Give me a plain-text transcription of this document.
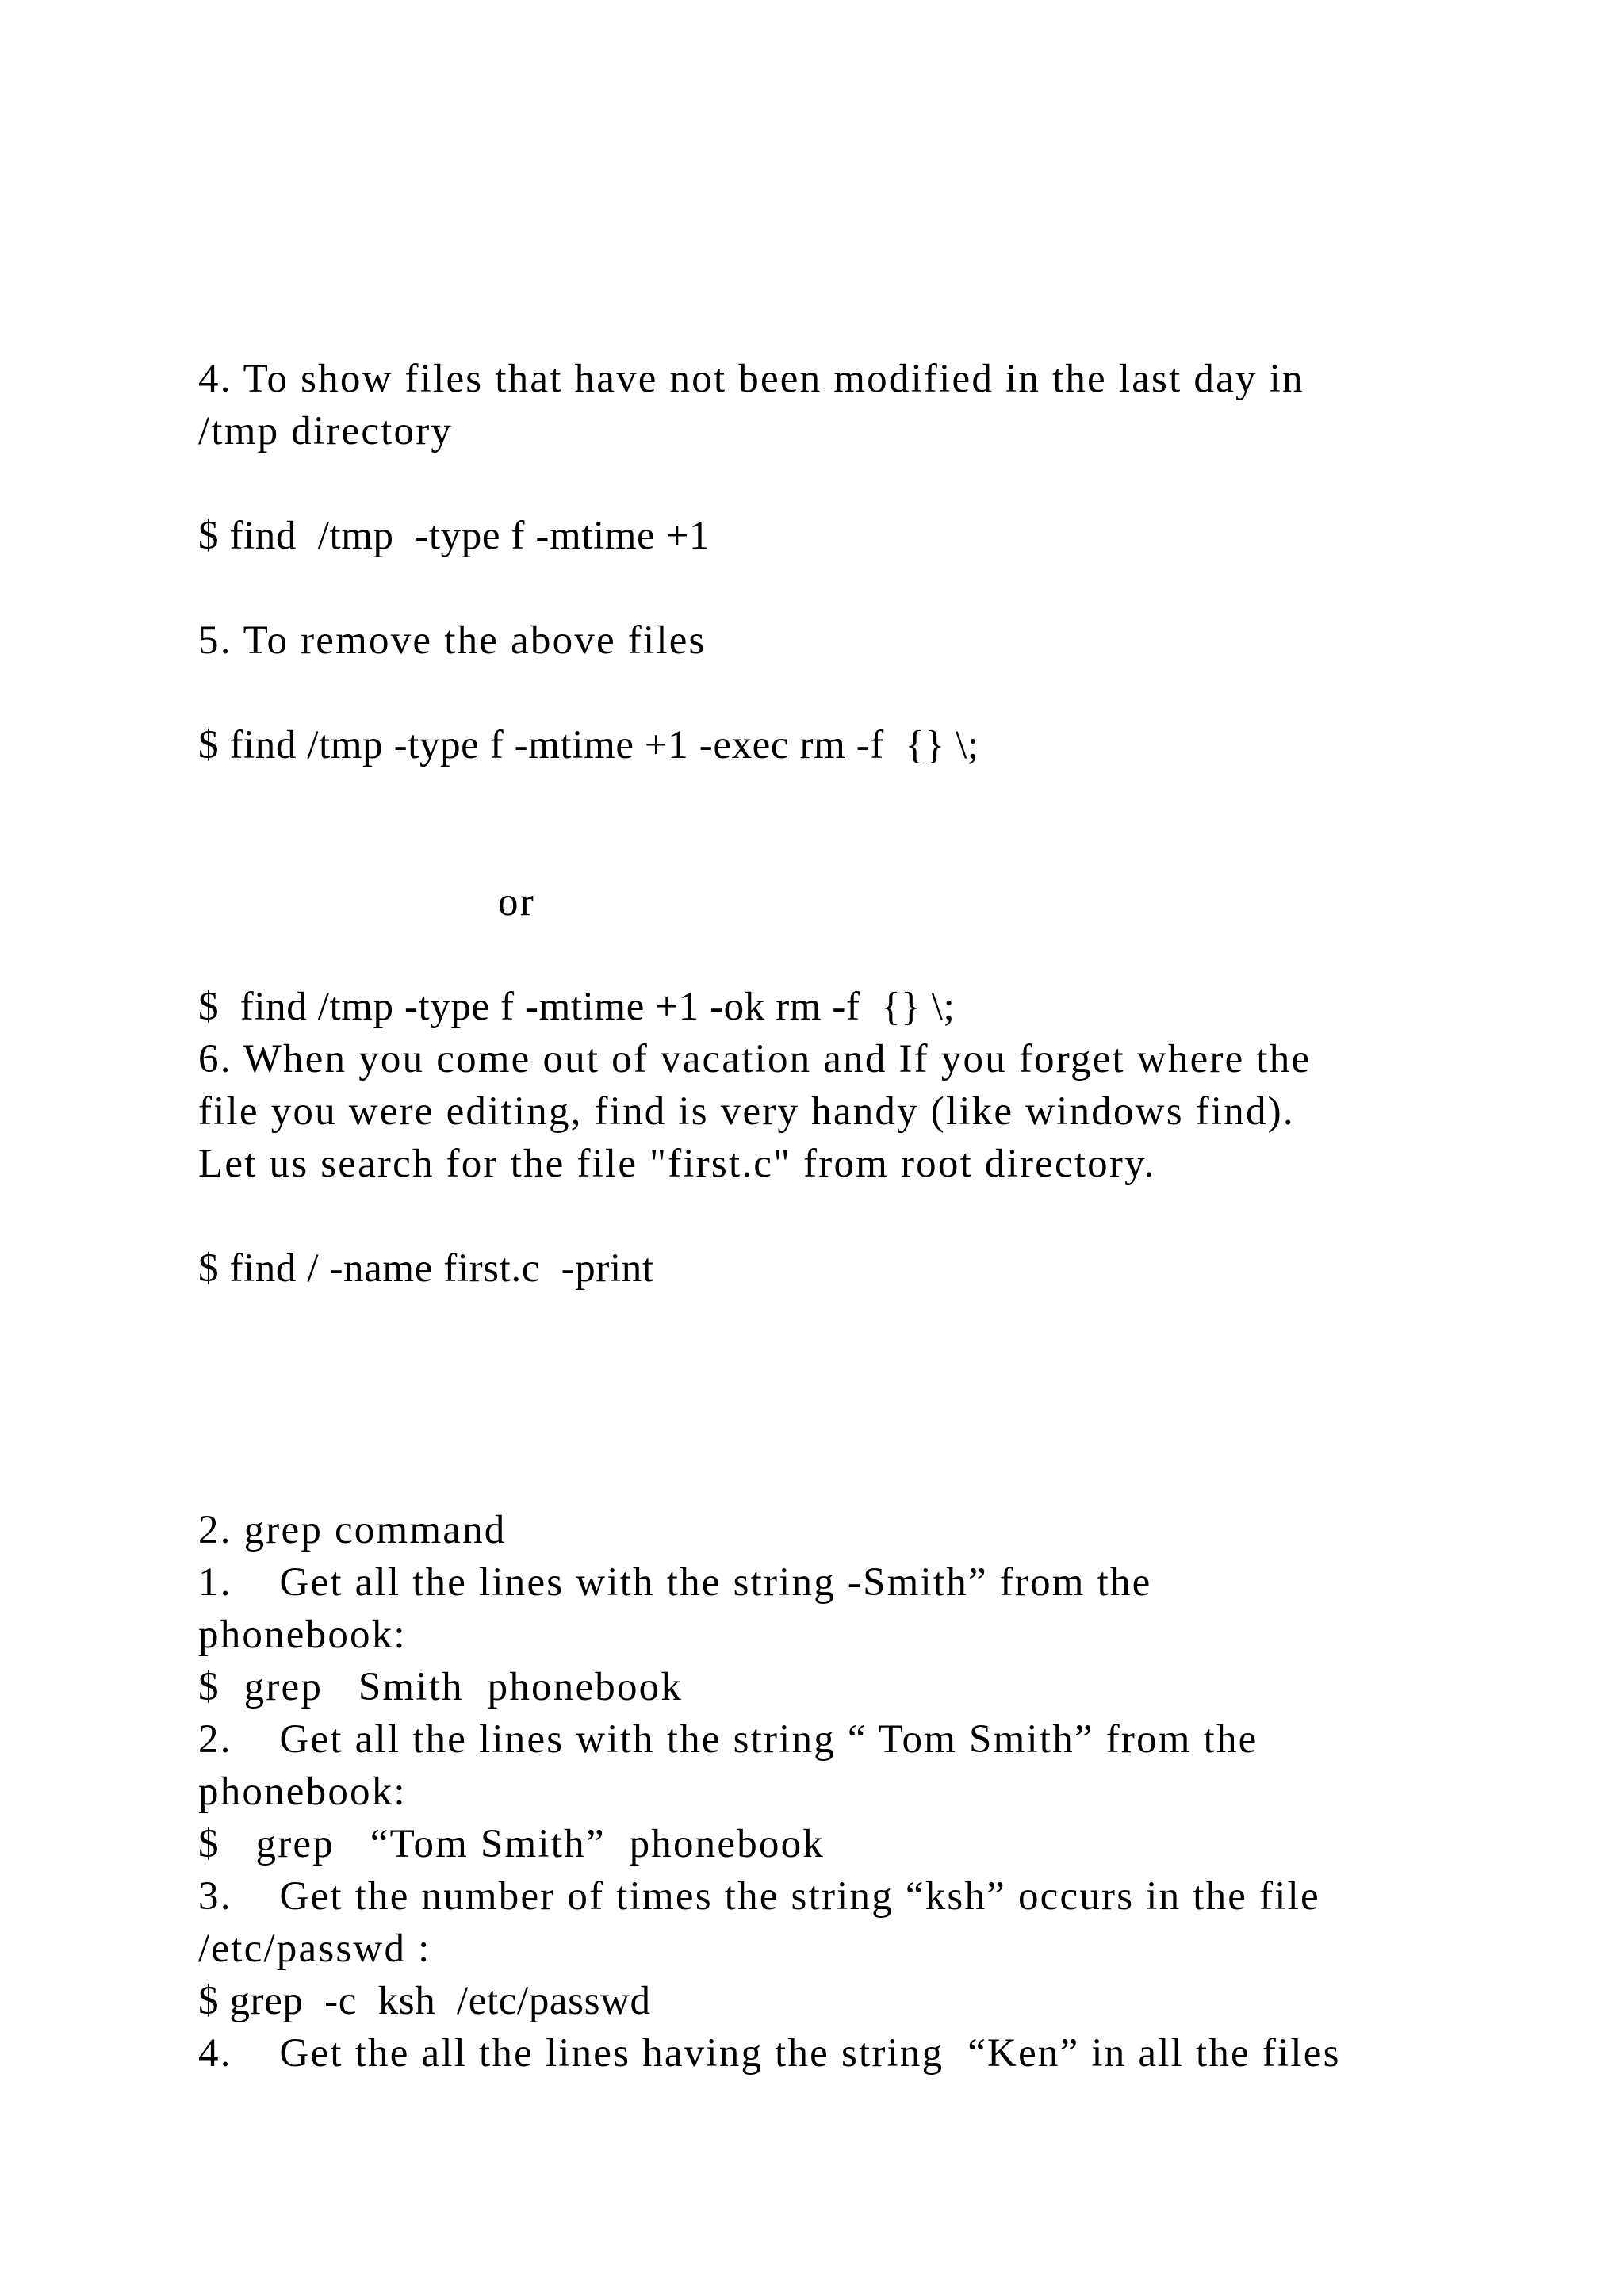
4. To show files that have not been modified in the last day in

/tmp directory

$ find  /tmp  -type f -mtime +1

5. To remove the above files

$ find /tmp -type f -mtime +1 -exec rm -f  {} \;

or

$  find /tmp -type f -mtime +1 -ok rm -f  {} \;

6. When you come out of vacation and If you forget where the

file you were editing, find is very handy (like windows find).

Let us search for the file "first.c" from root directory.

$ find / -name first.c  -print

2. grep command

1.    Get all the lines with the string -Smith” from the

phonebook:

$  grep   Smith  phonebook

2.    Get all the lines with the string “ Tom Smith” from the

phonebook:

$   grep   “Tom Smith”  phonebook

3.    Get the number of times the string “ksh” occurs in the file

/etc/passwd :

$ grep  -c  ksh  /etc/passwd

4.    Get the all the lines having the string  “Ken” in all the files
